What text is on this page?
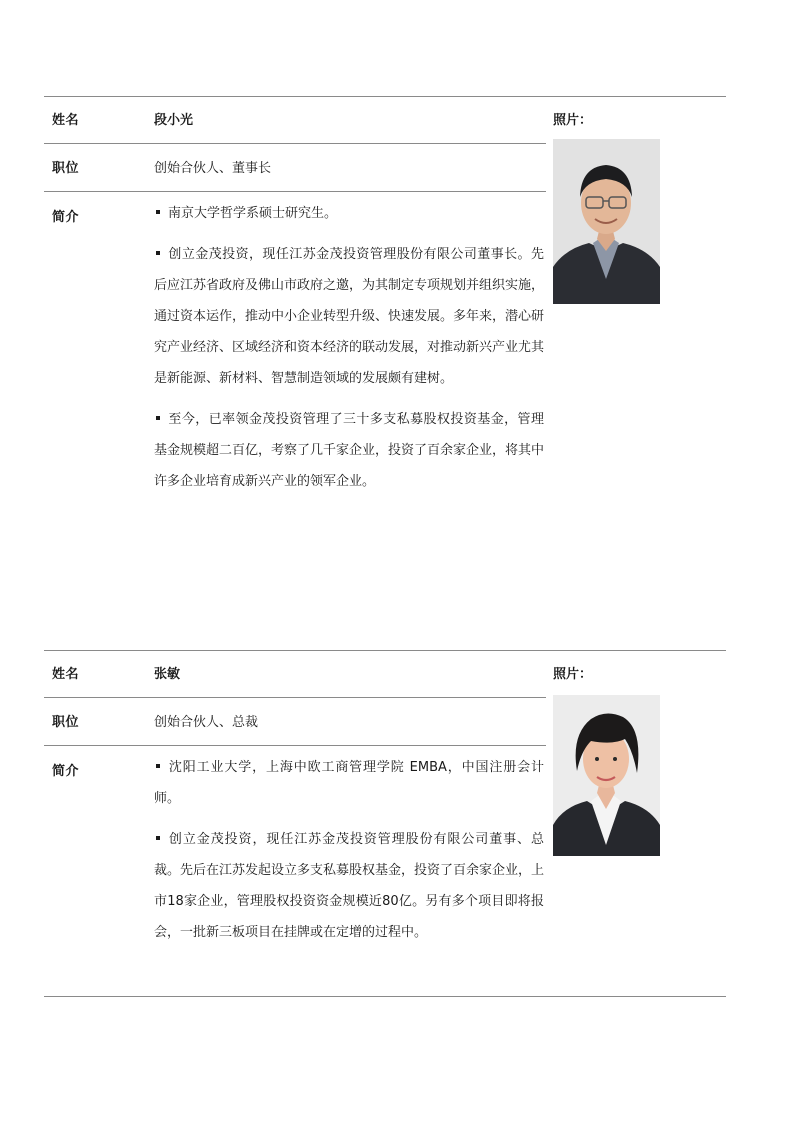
姓名	段小光	照片：
职位	创始合伙人、董事长
简介	南京大学哲学系硕士研究生。

创立金茂投资，现任江苏金茂投资管理股份有限公司董事长。先后应江苏省政府及佛山市政府之邀，为其制定专项规划并组织实施，通过资本运作，推动中小企业转型升级、快速发展。多年来，潜心研究产业经济、区域经济和资本经济的联动发展，对推动新兴产业尤其是新能源、新材料、智慧制造领域的发展颇有建树。

至今，已率领金茂投资管理了三十多支私募股权投资基金，管理基金规模超二百亿，考察了几千家企业，投资了百余家企业，将其中许多企业培育成新兴产业的领军企业。

姓名	张敏	照片：
职位	创始合伙人、总裁
简介	沈阳工业大学，上海中欧工商管理学院 EMBA，中国注册会计师。

创立金茂投资，现任江苏金茂投资管理股份有限公司董事、总裁。先后在江苏发起设立多支私募股权基金，投资了百余家企业，上市18家企业，管理股权投资资金规模近80亿。另有多个项目即将报会，一批新三板项目在挂牌或在定增的过程中。
